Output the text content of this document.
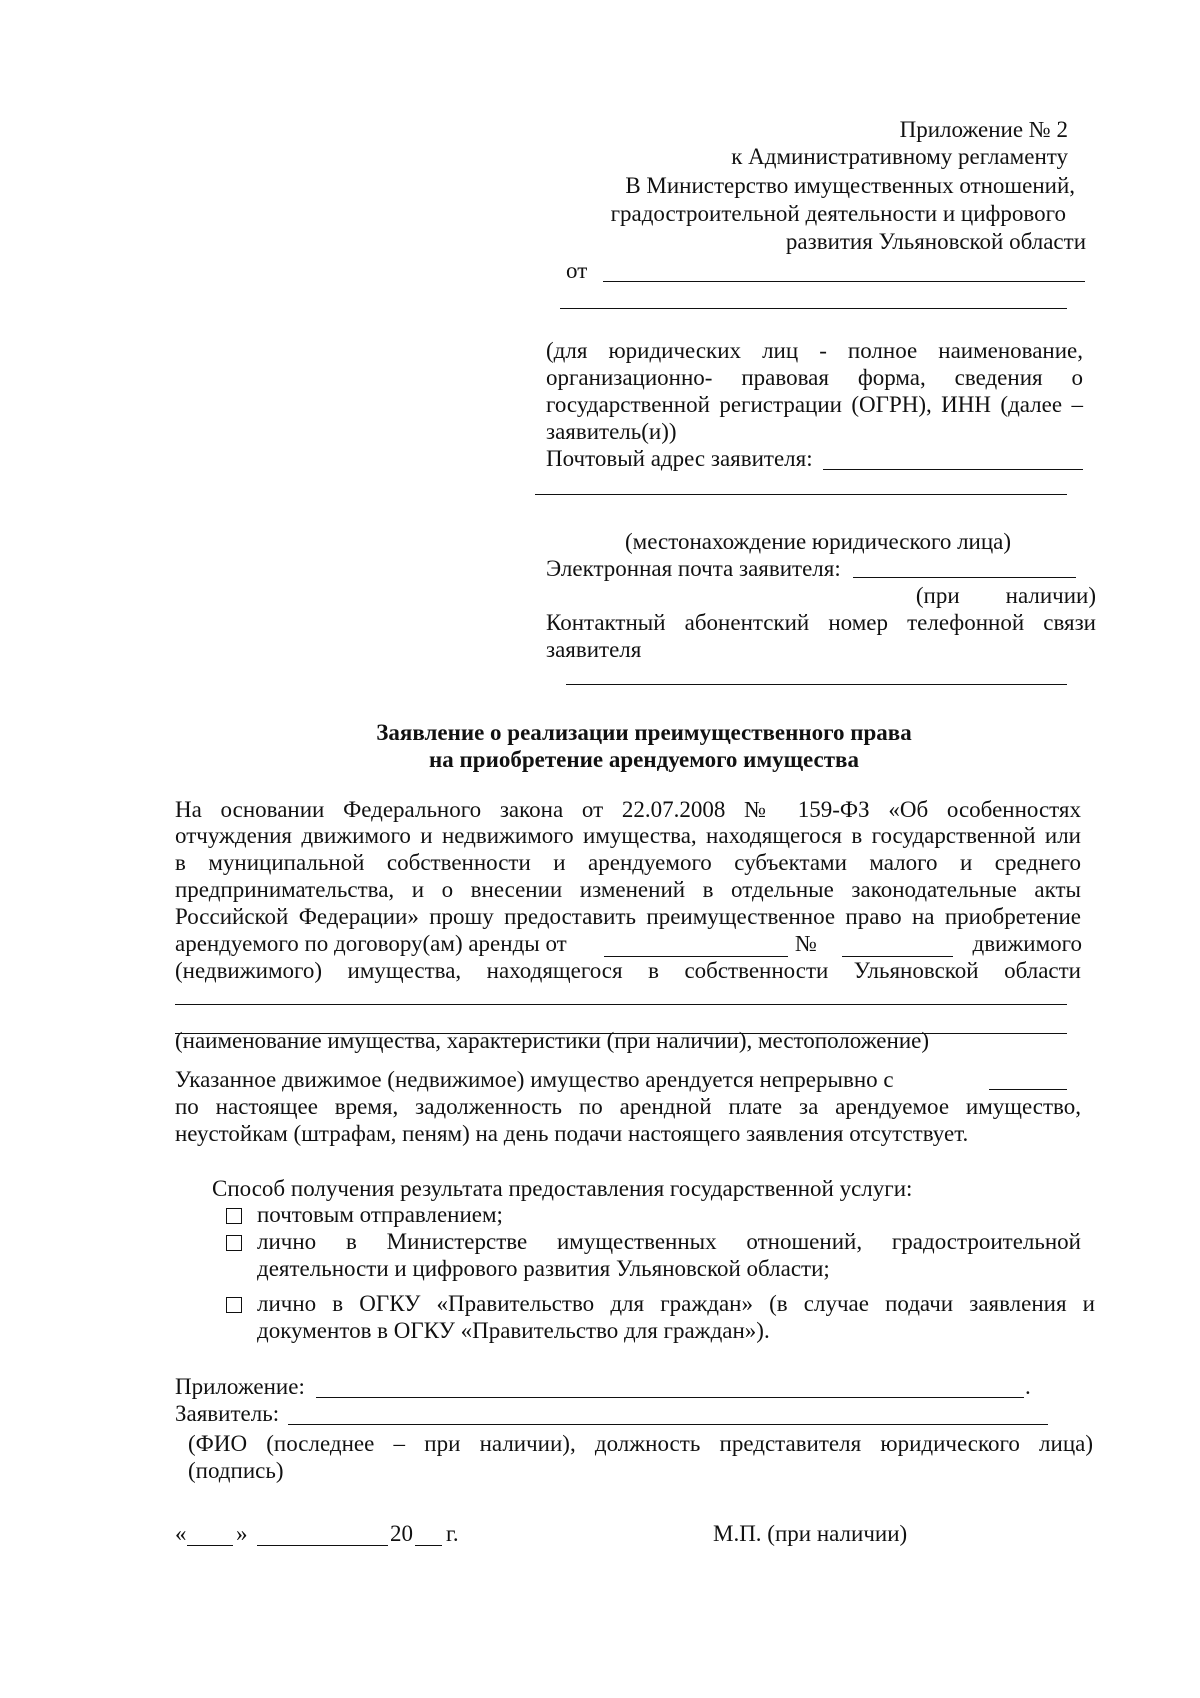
Приложение № 2
к Административному регламенту
В Министерство имущественных отношений,
градостроительной деятельности и цифрового
развития Ульяновской области
от
(для юридических лиц - полное наименование,
организационно- правовая форма, сведения о
государственной регистрации (ОГРН), ИНН (далее –
заявитель(и))
Почтовый адрес заявителя:
(местонахождение юридического лица)
Электронная почта заявителя:
(при        наличии)
Контактный абонентский номер телефонной связи
заявителя
Заявление о реализации преимущественного права
на приобретение арендуемого имущества
На основании Федерального закона от 22.07.2008 № 159-ФЗ «Об особенностях
отчуждения движимого и недвижимого имущества, находящегося в государственной или
в муниципальной собственности и арендуемого субъектами малого и среднего
предпринимательства, и о внесении изменений в отдельные законодательные акты
Российской Федерации» прошу предоставить преимущественное право на приобретение
арендуемого по договору(ам) аренды от	№	движимого
(недвижимого) имущества, находящегося в собственности Ульяновской области
(наименование имущества, характеристики (при наличии), местоположение)
Указанное движимое (недвижимое) имущество арендуется непрерывно с
по настоящее время, задолженность по арендной плате за арендуемое имущество,
неустойкам (штрафам, пеням) на день подачи настоящего заявления отсутствует.
Способ получения результата предоставления государственной услуги:
почтовым отправлением;
лично в Министерстве имущественных отношений, градостроительной
деятельности и цифрового развития Ульяновской области;
лично в ОГКУ «Правительство для граждан» (в случае подачи заявления и
документов в ОГКУ «Правительство для граждан»).
Приложение:	.
Заявитель:
(ФИО (последнее – при наличии), должность представителя юридического лица)
(подпись)
« »	20 г.	М.П. (при наличии)
